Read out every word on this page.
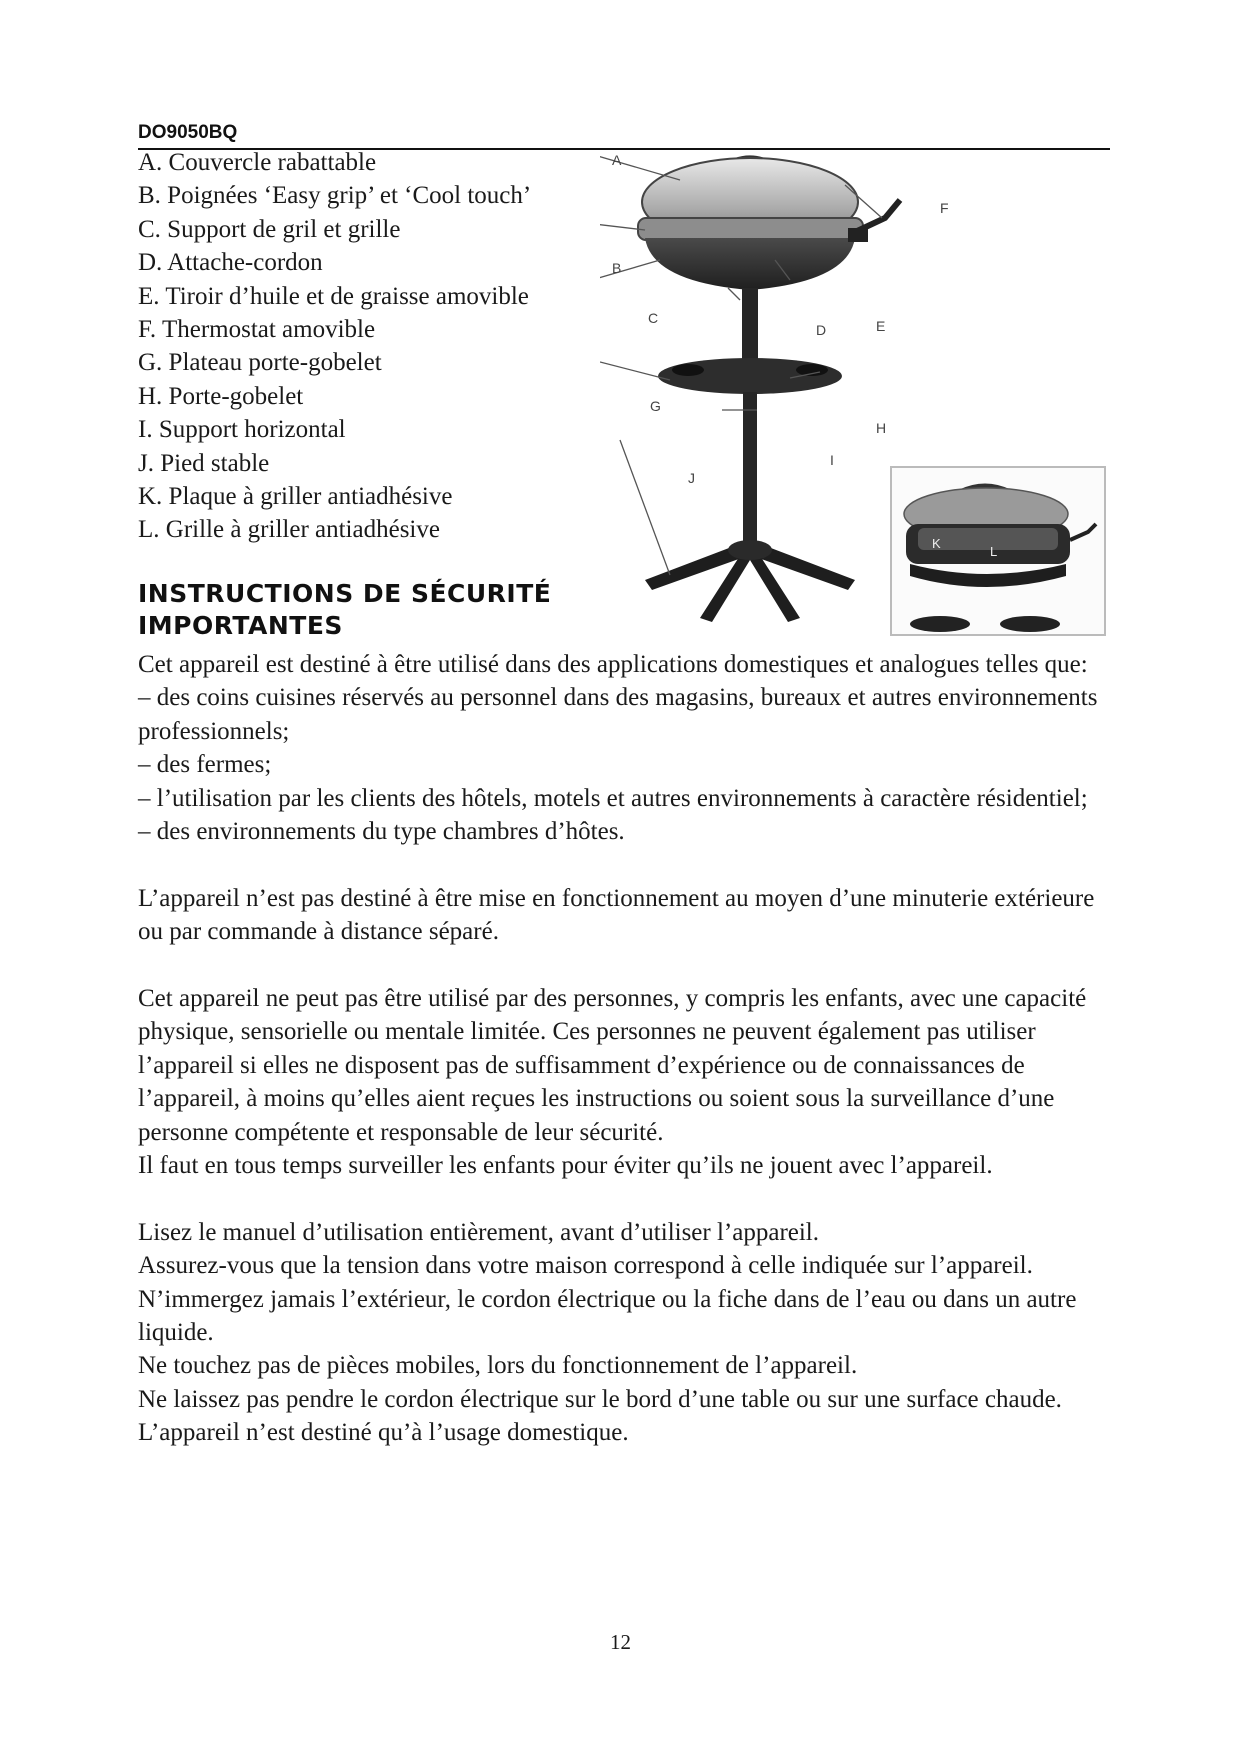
DO9050BQ
A. Couvercle rabattable
B. Poignées ‘Easy grip’ et ‘Cool touch’
C. Support de gril et grille
D. Attache-cordon
E. Tiroir d’huile et de graisse amovible
F. Thermostat amovible
G. Plateau porte-gobelet
H. Porte-gobelet
I. Support horizontal
J. Pied stable
K. Plaque à griller antiadhésive
L. Grille à griller antiadhésive
A
B
C
D	E
F
G
H
I
J
K
L
INSTRUCTIONS DE SÉCURITÉ
IMPORTANTES

Cet appareil est destiné à être utilisé dans des applications domestiques et analogues telles que:

– des coins cuisines réservés au personnel dans des magasins, bureaux et autres environnements professionnels;

– des fermes;

– l’utilisation par les clients des hôtels, motels et autres environnements à caractère résidentiel;

– des environnements du type chambres d’hôtes.

L’appareil n’est pas destiné à être mise en fonctionnement au moyen d’une minuterie extérieure ou par commande à distance séparé.

Cet appareil ne peut pas être utilisé par des personnes, y compris les enfants, avec une capacité physique, sensorielle ou mentale limitée. Ces personnes ne peuvent également pas utiliser l’appareil si elles ne disposent pas de suffisamment d’expérience ou de connaissances de l’appareil, à moins qu’elles aient reçues les instructions ou soient sous la surveillance d’une personne compétente et responsable de leur sécurité.

Il faut en tous temps surveiller les enfants pour éviter qu’ils ne jouent avec l’appareil.

Lisez le manuel d’utilisation entièrement, avant d’utiliser l’appareil.

Assurez-vous que la tension dans votre maison correspond à celle indiquée sur l’appareil.

N’immergez jamais l’extérieur, le cordon électrique ou la fiche dans de l’eau ou dans un autre liquide.

Ne touchez pas de pièces mobiles, lors du fonctionnement de l’appareil.

Ne laissez pas pendre le cordon électrique sur le bord d’une table ou sur une surface chaude.

L’appareil n’est destiné qu’à l’usage domestique.

12
